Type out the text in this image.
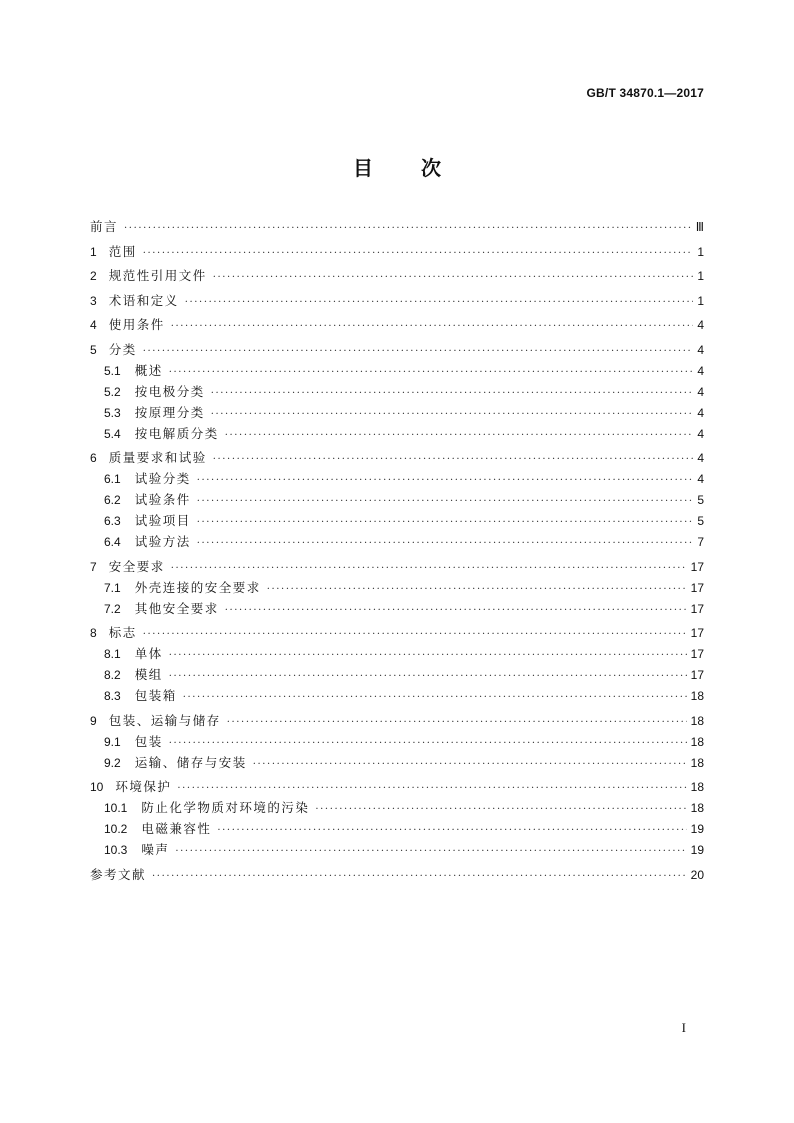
GB/T 34870.1—2017
目 次
前言 ·····	Ⅲ
1 范围 ·····	1
2 规范性引用文件 ·····	1
3 术语和定义 ·····	1
4 使用条件 ·····	4
5 分类 ·····	4
5.1 概述 ·····	4
5.2 按电极分类 ·····	4
5.3 按原理分类 ·····	4
5.4 按电解质分类 ·····	4
6 质量要求和试验 ·····	4
6.1 试验分类 ·····	4
6.2 试验条件 ·····	5
6.3 试验项目 ·····	5
6.4 试验方法 ·····	7
7 安全要求 ·····	17
7.1 外壳连接的安全要求 ·····	17
7.2 其他安全要求 ·····	17
8 标志 ·····	17
8.1 单体 ·····	17
8.2 模组 ·····	17
8.3 包装箱 ·····	18
9 包装、运输与储存 ·····	18
9.1 包装 ·····	18
9.2 运输、储存与安装 ·····	18
10 环境保护 ·····	18
10.1 防止化学物质对环境的污染 ·····	18
10.2 电磁兼容性 ·····	19
10.3 噪声 ·····	19
参考文献 ·····	20
I
